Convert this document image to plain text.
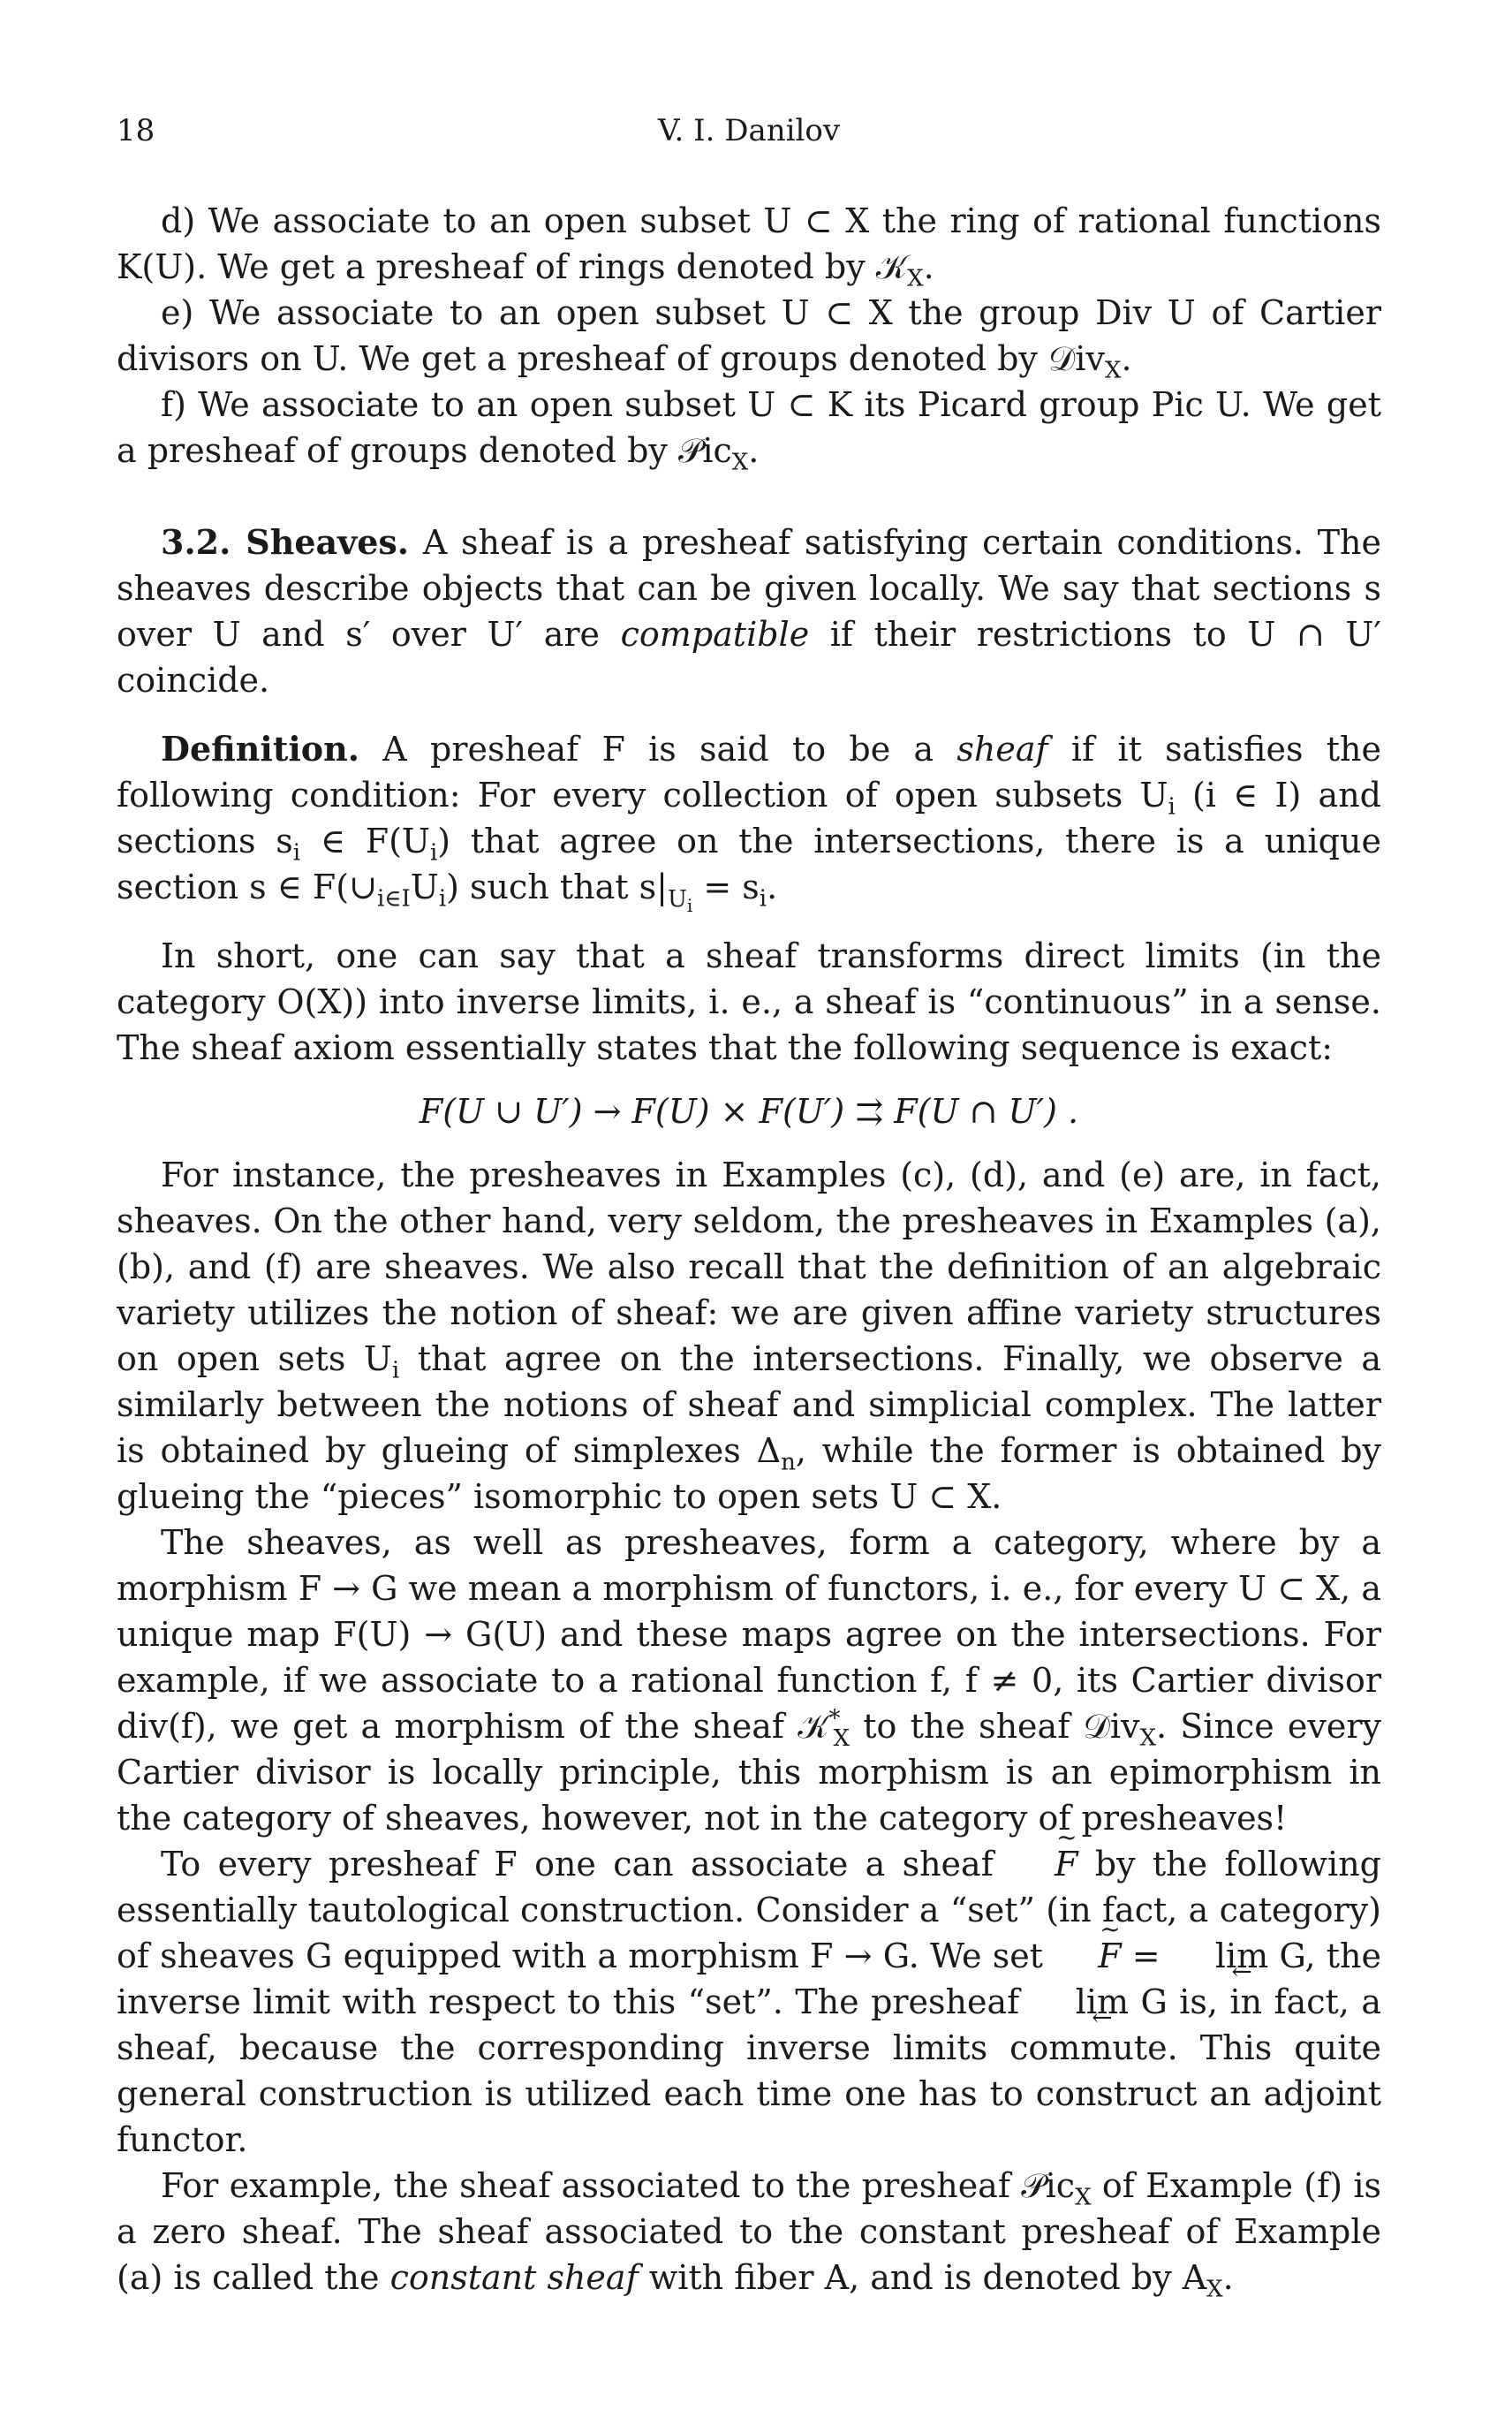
18	V. I. Danilov

d) We associate to an open subset U ⊂ X the ring of rational functions K(U). We get a presheaf of rings denoted by 𝒦$_X$.

e) We associate to an open subset U ⊂ X the group Div U of Cartier divisors on U. We get a presheaf of groups denoted by 𝒟iv$_X$.

f) We associate to an open subset U ⊂ K its Picard group Pic U. We get a presheaf of groups denoted by 𝒫ic$_X$.

3.2. Sheaves. A sheaf is a presheaf satisfying certain conditions. The sheaves describe objects that can be given locally. We say that sections s over U and s′ over U′ are compatible if their restrictions to U ∩ U′ coincide.

Definition. A presheaf F is said to be a sheaf if it satisfies the following condition: For every collection of open subsets $U_i$ (i ∈ I) and sections $s_i$ ∈ $F(U_i)$ that agree on the intersections, there is a unique section s ∈ $F(\cup_{i\in I}U_i)$ such that $s|_{U_i} = s_i$.

In short, one can say that a sheaf transforms direct limits (in the category O(X)) into inverse limits, i. e., a sheaf is “continuous” in a sense. The sheaf axiom essentially states that the following sequence is exact:

F(U ∪ U′) → F(U) × F(U′) ⇉ F(U ∩ U′) .

For instance, the presheaves in Examples (c), (d), and (e) are, in fact, sheaves. On the other hand, very seldom, the presheaves in Examples (a), (b), and (f) are sheaves. We also recall that the definition of an algebraic variety utilizes the notion of sheaf: we are given affine variety structures on open sets $U_i$ that agree on the intersections. Finally, we observe a similarly between the notions of sheaf and simplicial complex. The latter is obtained by glueing of simplexes $\Delta_n$, while the former is obtained by glueing the “pieces” isomorphic to open sets U ⊂ X.

The sheaves, as well as presheaves, form a category, where by a morphism F → G we mean a morphism of functors, i. e., for every U ⊂ X, a unique map F(U) → G(U) and these maps agree on the intersections. For example, if we associate to a rational function f, f ≠ 0, its Cartier divisor div(f), we get a morphism of the sheaf 𝒦*$_X$ to the sheaf 𝒟iv$_X$. Since every Cartier divisor is locally principle, this morphism is an epimorphism in the category of sheaves, however, not in the category of presheaves!

To every presheaf F one can associate a sheaf ~ F by the following essentially tautological construction. Consider a “set” (in fact, a category) of sheaves G equipped with a morphism F → G. We set ~ F = lim ← G, the inverse limit with respect to this “set”. The presheaf lim ← G is, in fact, a sheaf, because the corresponding inverse limits commute. This quite general construction is utilized each time one has to construct an adjoint functor.

For example, the sheaf associated to the presheaf 𝒫ic$_X$ of Example (f) is a zero sheaf. The sheaf associated to the constant presheaf of Example (a) is called the constant sheaf with fiber A, and is denoted by $A_X$.
